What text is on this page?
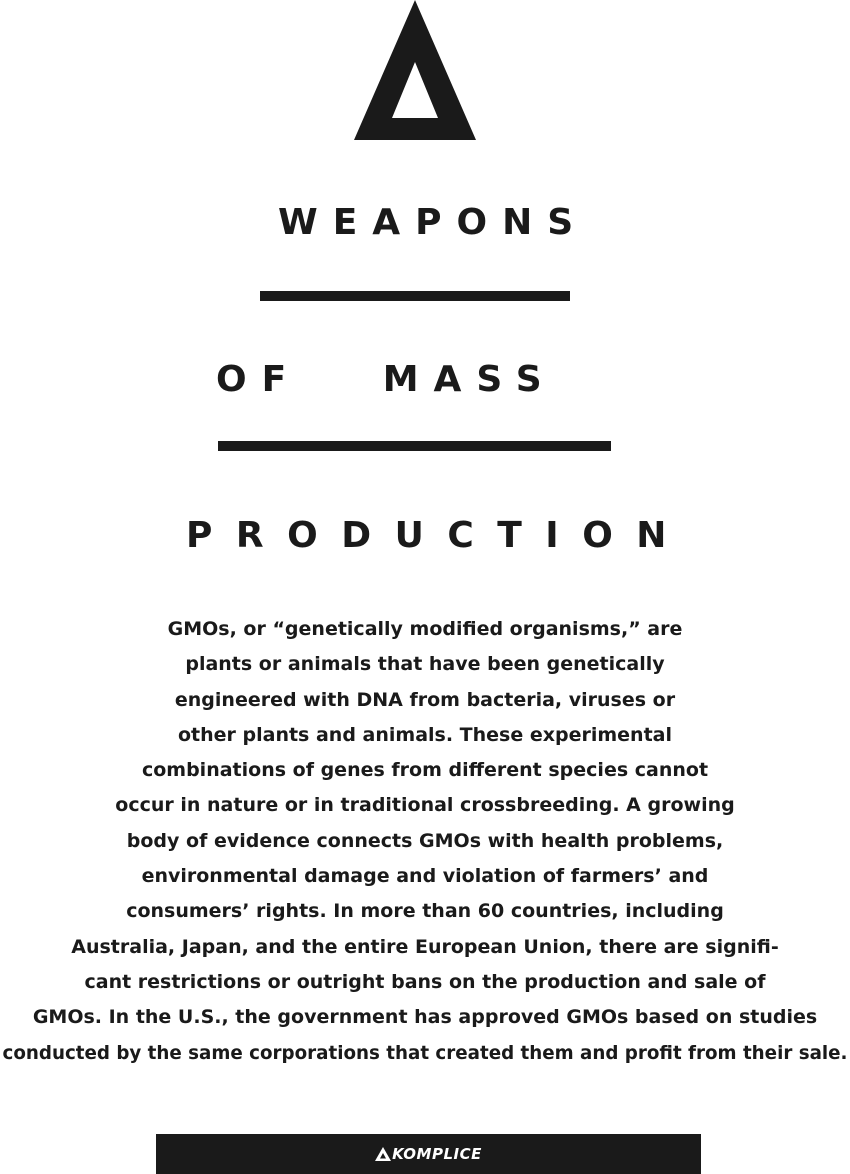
WEAPONS
OF MASS
PRODUCTION

GMOs, or “genetically modified organisms,” are
plants or animals that have been genetically
engineered with DNA from bacteria, viruses or
other plants and animals. These experimental
combinations of genes from different species cannot
occur in nature or in traditional crossbreeding. A growing
body of evidence connects GMOs with health problems,
environmental damage and violation of farmers’ and
consumers’ rights. In more than 60 countries, including
Australia, Japan, and the entire European Union, there are signifi-
cant restrictions or outright bans on the production and sale of
GMOs. In the U.S., the government has approved GMOs based on studies
conducted by the same corporations that created them and profit from their sale.

KOMPLICE
